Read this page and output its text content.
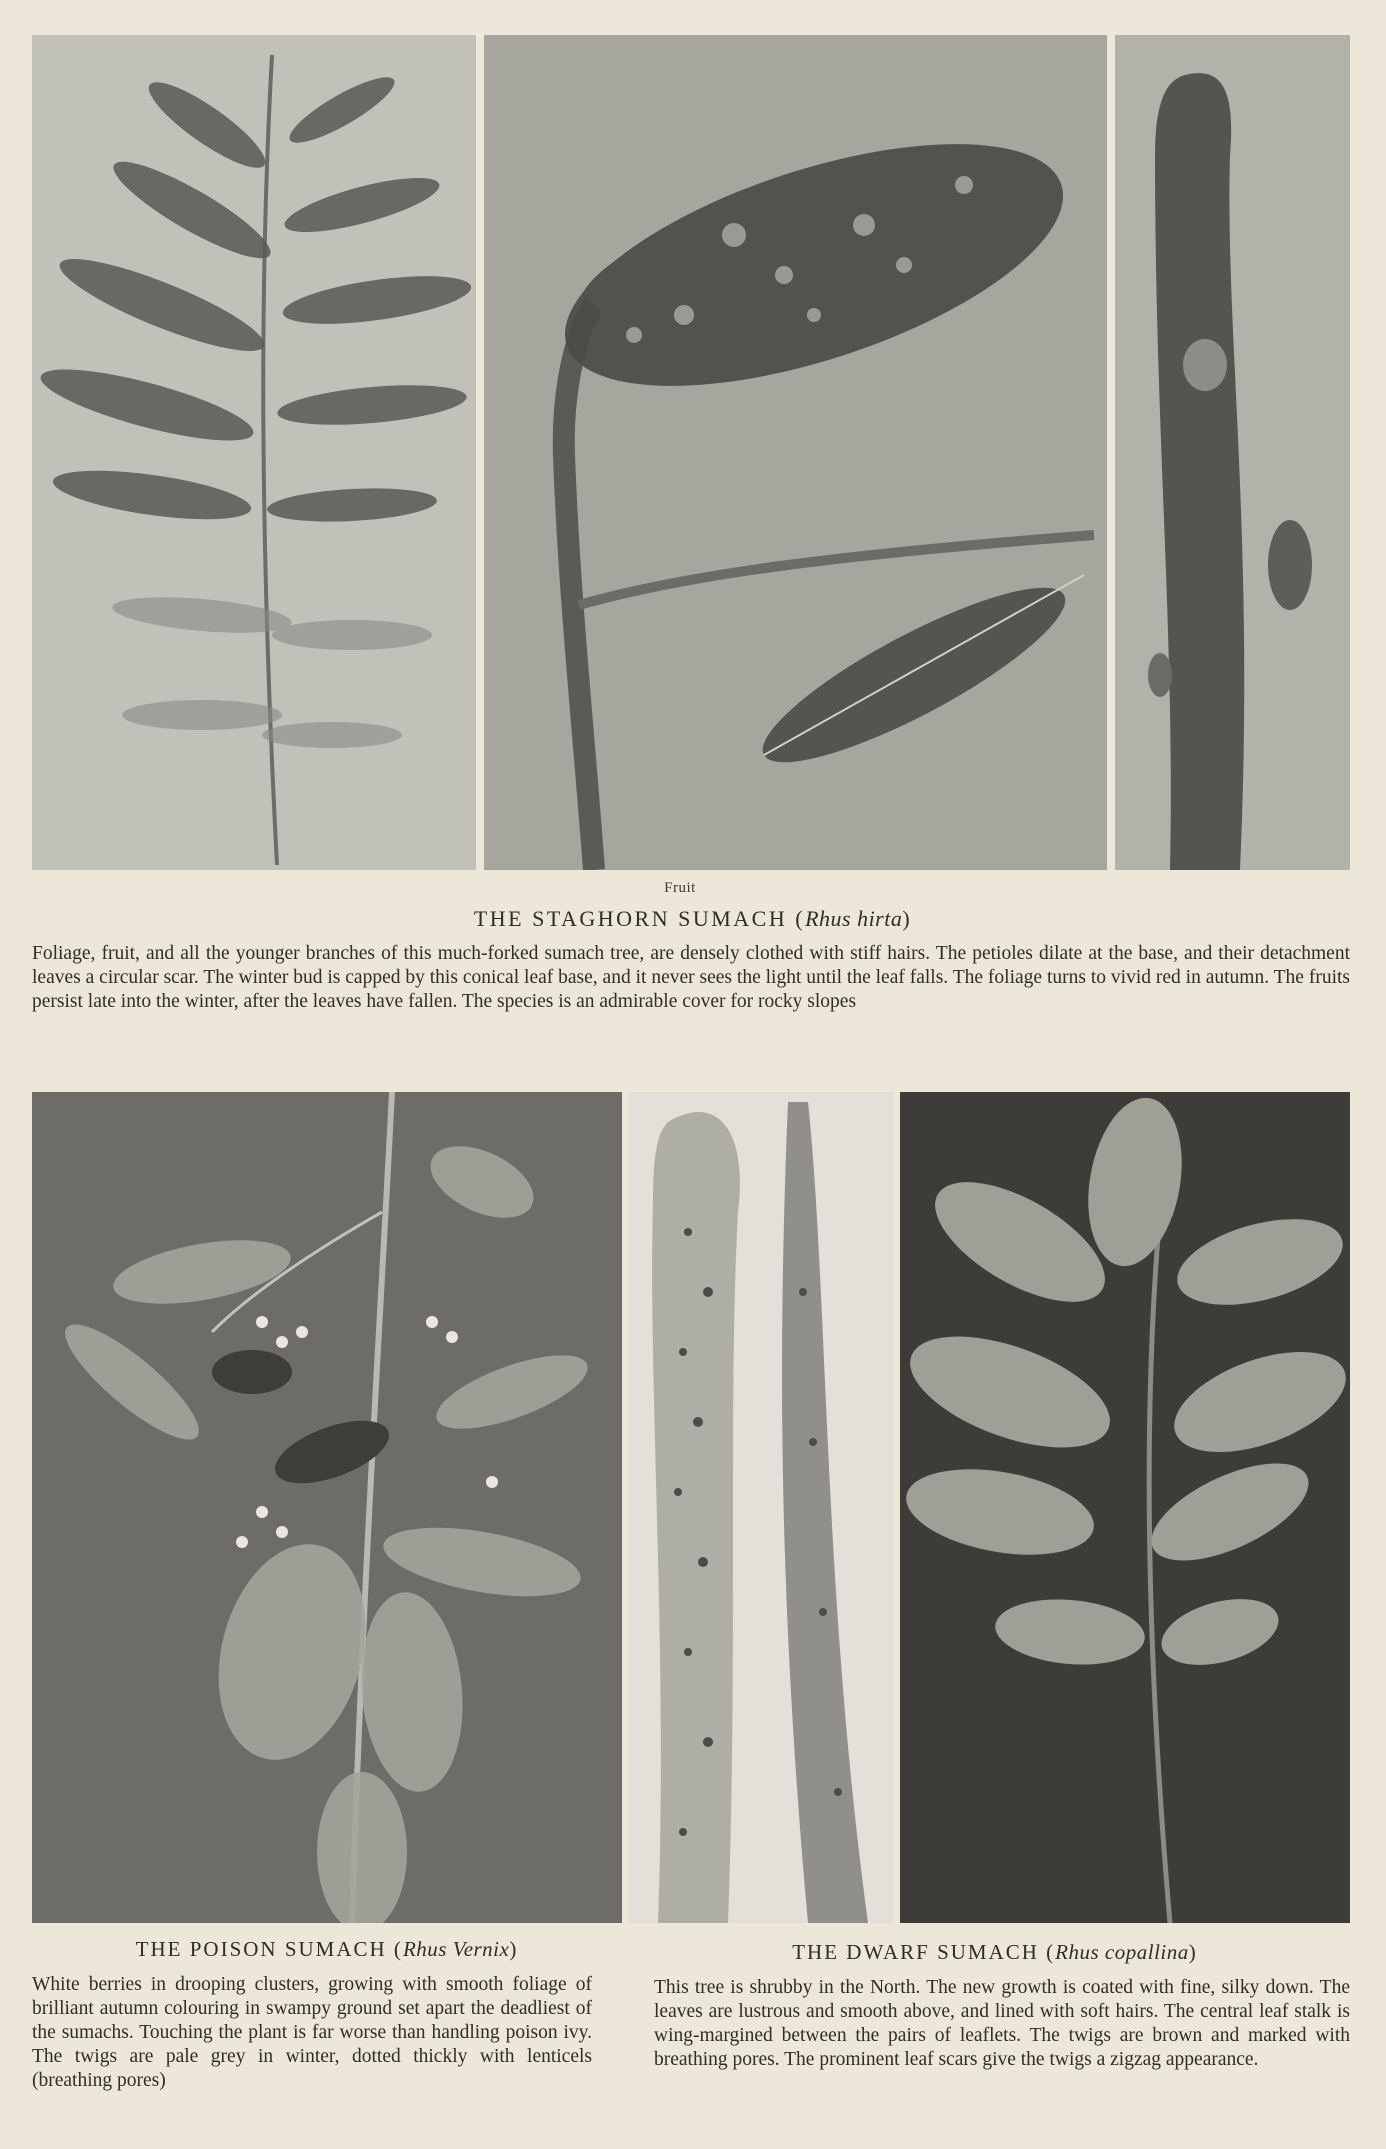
Fruit
THE STAGHORN SUMACH (Rhus hirta)
Foliage, fruit, and all the younger branches of this much-forked sumach tree, are densely clothed with stiff hairs. The petioles dilate at the base, and their detachment leaves a circular scar. The winter bud is capped by this conical leaf base, and it never sees the light until the leaf falls. The foliage turns to vivid red in autumn. The fruits persist late into the winter, after the leaves have fallen. The species is an admirable cover for rocky slopes
THE POISON SUMACH (Rhus Vernix)
White berries in drooping clusters, growing with smooth foliage of brilliant autumn colouring in swampy ground set apart the deadliest of the sumachs. Touching the plant is far worse than handling poison ivy. The twigs are pale grey in winter, dotted thickly with lenticels (breathing pores)
THE DWARF SUMACH (Rhus copallina)
This tree is shrubby in the North. The new growth is coated with fine, silky down. The leaves are lustrous and smooth above, and lined with soft hairs. The central leaf stalk is wing-margined between the pairs of leaflets. The twigs are brown and marked with breathing pores. The prominent leaf scars give the twigs a zigzag appearance.
